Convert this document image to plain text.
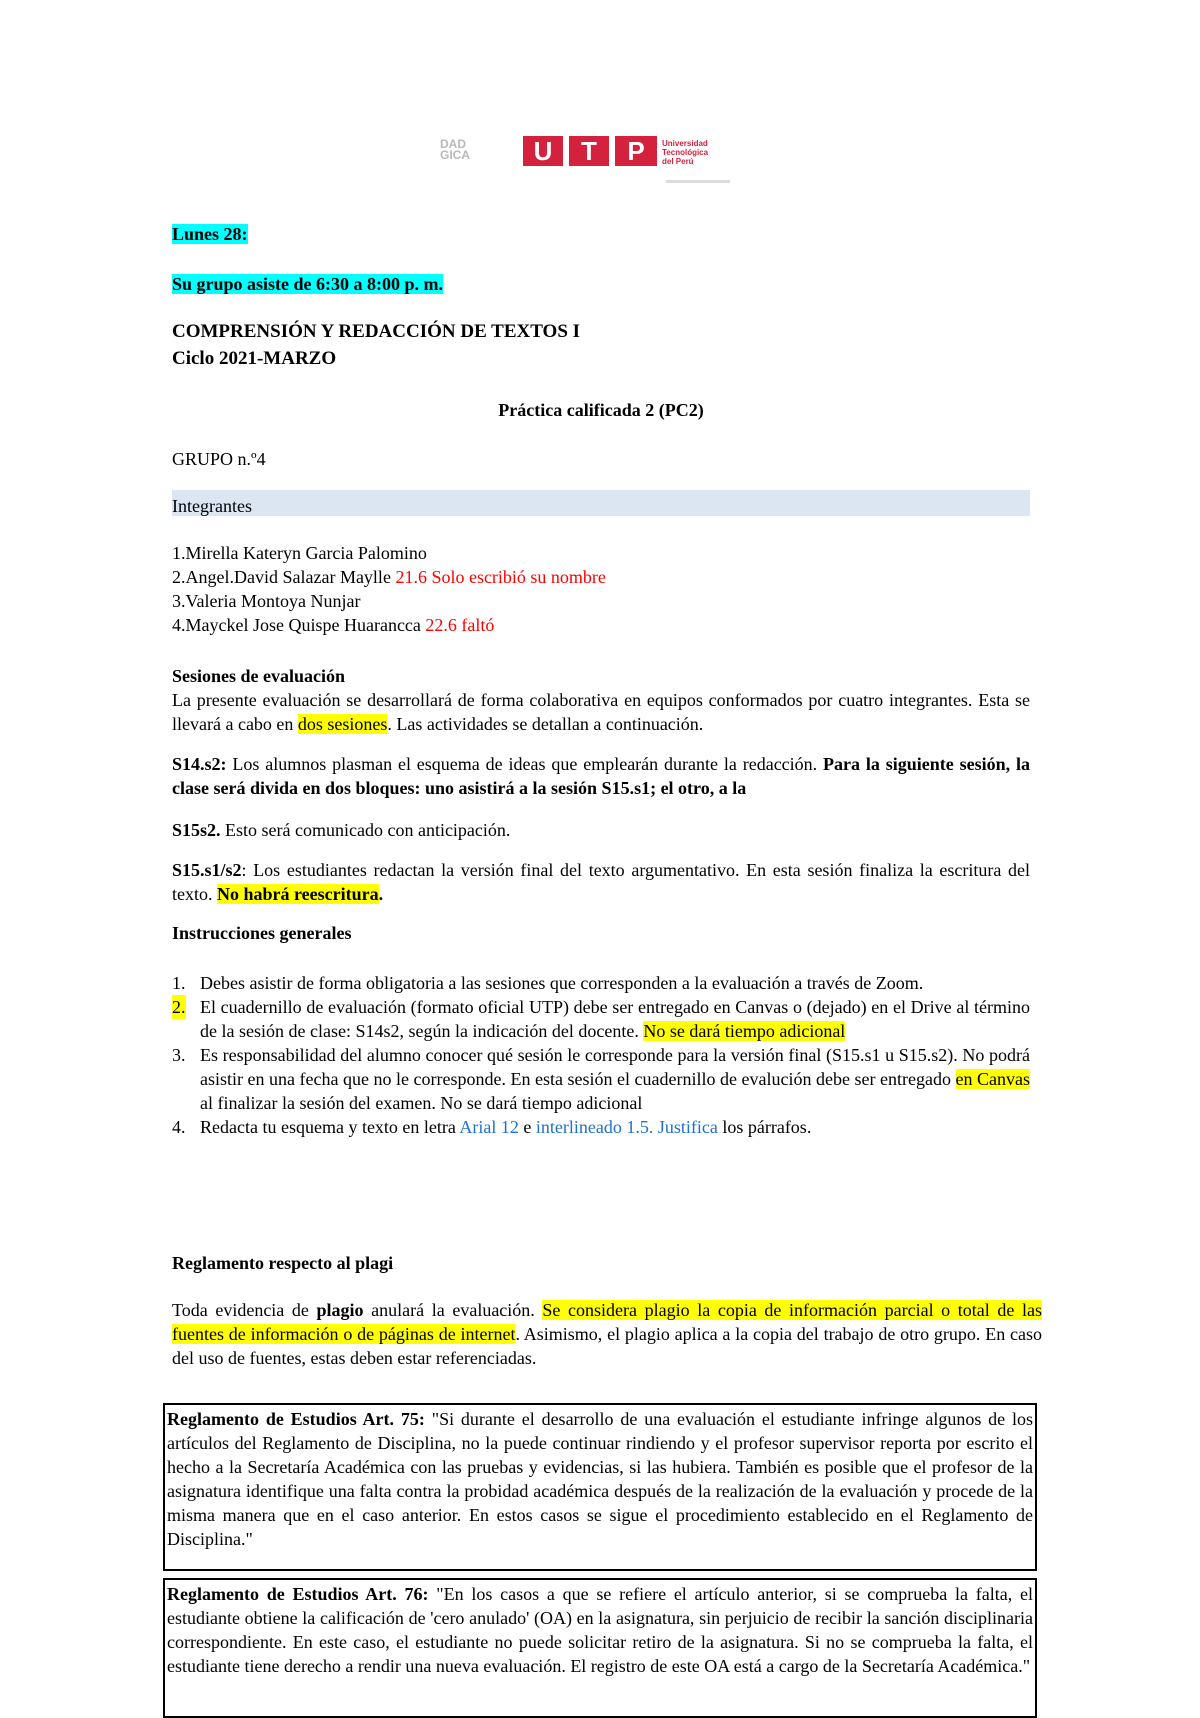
DAD
GICA	U	T	P	Universidad
Tecnológica
del Perú

Lunes 28:

Su grupo asiste de 6:30 a 8:00 p. m.

COMPRENSIÓN Y REDACCIÓN DE TEXTOS I

Ciclo 2021-MARZO

Práctica calificada 2 (PC2)

GRUPO n.º4

Integrantes

1.Mirella Kateryn Garcia Palomino

2.Angel.David Salazar Maylle 21.6 Solo escribió su nombre

3.Valeria Montoya Nunjar

4.Mayckel Jose Quispe Huarancca 22.6 faltó

Sesiones de evaluación

La presente evaluación se desarrollará de forma colaborativa en equipos conformados por cuatro integrantes. Esta se llevará a cabo en dos sesiones. Las actividades se detallan a continuación.

S14.s2: Los alumnos plasman el esquema de ideas que emplearán durante la redacción. Para la siguiente sesión, la clase será divida en dos bloques: uno asistirá a la sesión S15.s1; el otro, a la

S15s2. Esto será comunicado con anticipación.

S15.s1/s2: Los estudiantes redactan la versión final del texto argumentativo. En esta sesión finaliza la escritura del texto. No habrá reescritura.

Instrucciones generales

1. Debes asistir de forma obligatoria a las sesiones que corresponden a la evaluación a través de Zoom.
2. El cuadernillo de evaluación (formato oficial UTP) debe ser entregado en Canvas o (dejado) en el Drive al término de la sesión de clase: S14s2, según la indicación del docente. No se dará tiempo adicional
3. Es responsabilidad del alumno conocer qué sesión le corresponde para la versión final (S15.s1 u S15.s2). No podrá asistir en una fecha que no le corresponde. En esta sesión el cuadernillo de evalución debe ser entregado en Canvas al finalizar la sesión del examen. No se dará tiempo adicional
4. Redacta tu esquema y texto en letra Arial 12 e interlineado 1.5. Justifica los párrafos.

Reglamento respecto al plagi

Toda evidencia de plagio anulará la evaluación. Se considera plagio la copia de información parcial o total de las fuentes de información o de páginas de internet. Asimismo, el plagio aplica a la copia del trabajo de otro grupo. En caso del uso de fuentes, estas deben estar referenciadas.

Reglamento de Estudios Art. 75: "Si durante el desarrollo de una evaluación el estudiante infringe algunos de los artículos del Reglamento de Disciplina, no la puede continuar rindiendo y el profesor supervisor reporta por escrito el hecho a la Secretaría Académica con las pruebas y evidencias, si las hubiera. También es posible que el profesor de la asignatura identifique una falta contra la probidad académica después de la realización de la evaluación y procede de la misma manera que en el caso anterior. En estos casos se sigue el procedimiento establecido en el Reglamento de Disciplina."
Reglamento de Estudios Art. 76: "En los casos a que se refiere el artículo anterior, si se comprueba la falta, el estudiante obtiene la calificación de 'cero anulado' (OA) en la asignatura, sin perjuicio de recibir la sanción disciplinaria correspondiente. En este caso, el estudiante no puede solicitar retiro de la asignatura. Si no se comprueba la falta, el estudiante tiene derecho a rendir una nueva evaluación. El registro de este OA está a cargo de la Secretaría Académica."
